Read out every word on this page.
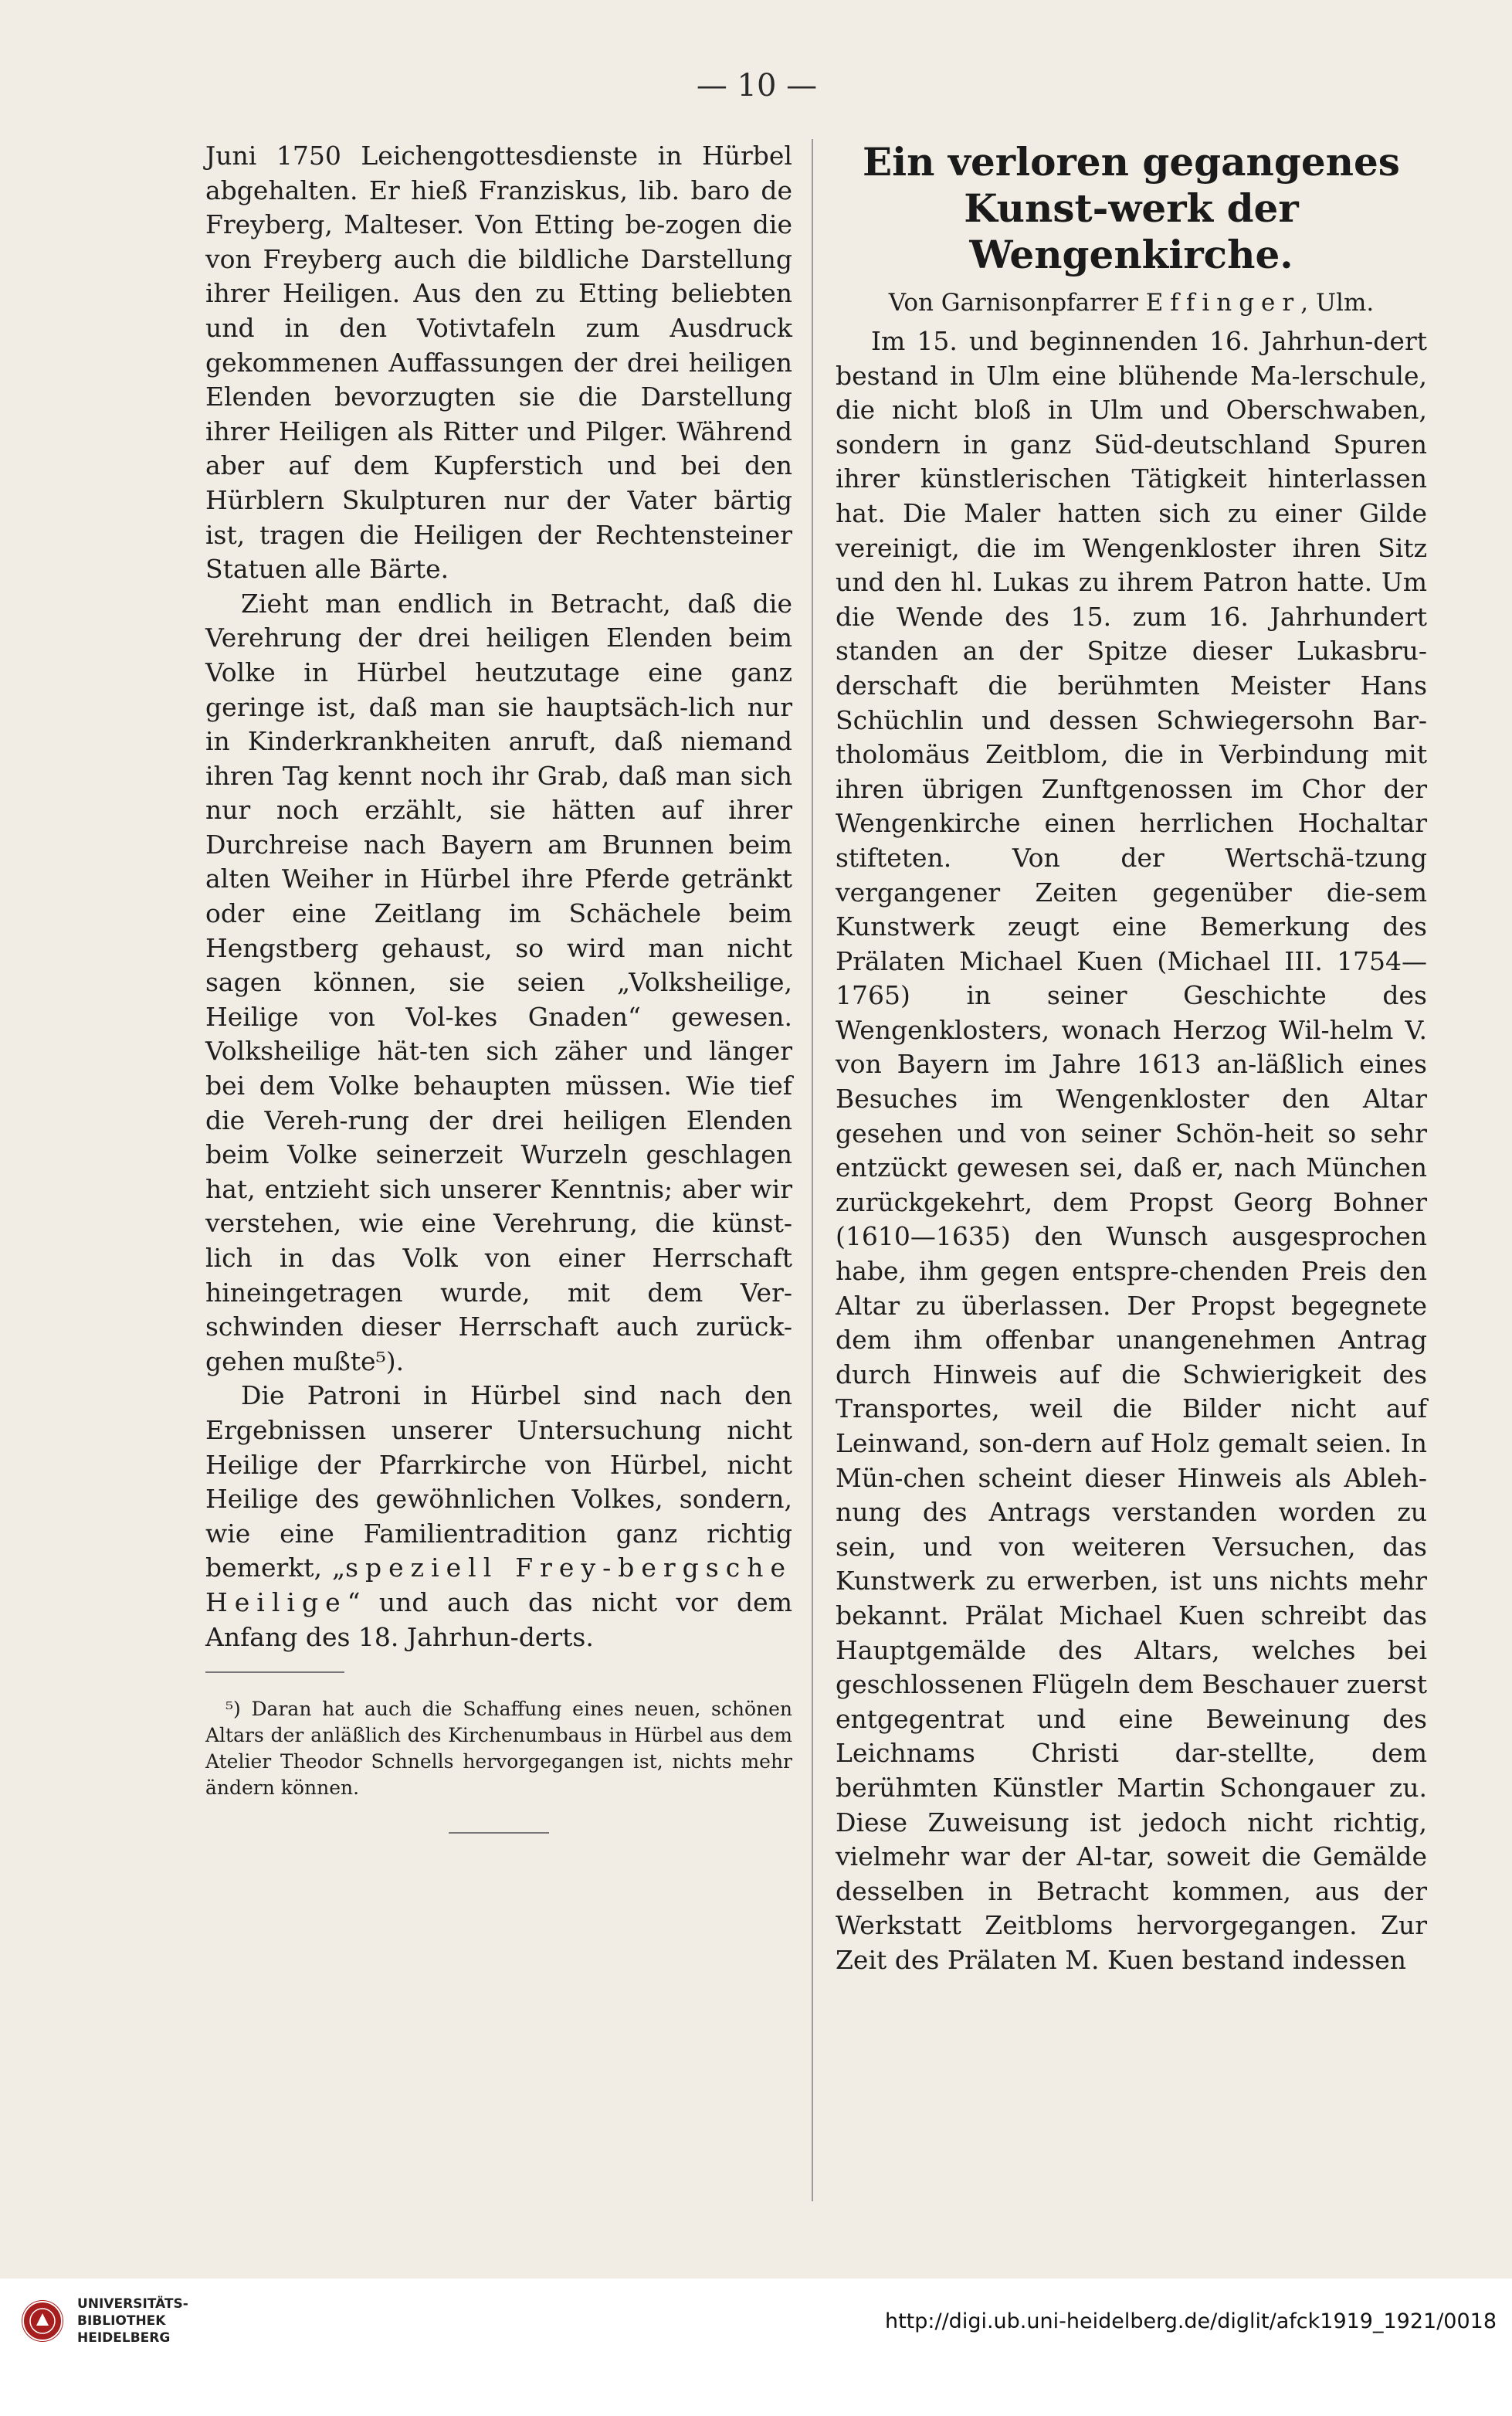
— 10 —

Juni 1750 Leichengottesdienste in Hürbel abgehalten. Er hieß Franziskus, lib. baro de Freyberg, Malteser. Von Etting be-zogen die von Freyberg auch die bildliche Darstellung ihrer Heiligen. Aus den zu Etting beliebten und in den Votivtafeln zum Ausdruck gekommenen Auffassungen der drei heiligen Elenden bevorzugten sie die Darstellung ihrer Heiligen als Ritter und Pilger. Während aber auf dem Kupferstich und bei den Hürblern Skulpturen nur der Vater bärtig ist, tragen die Heiligen der Rechtensteiner Statuen alle Bärte.

Zieht man endlich in Betracht, daß die Verehrung der drei heiligen Elenden beim Volke in Hürbel heutzutage eine ganz geringe ist, daß man sie hauptsäch-lich nur in Kinderkrankheiten anruft, daß niemand ihren Tag kennt noch ihr Grab, daß man sich nur noch erzählt, sie hätten auf ihrer Durchreise nach Bayern am Brunnen beim alten Weiher in Hürbel ihre Pferde getränkt oder eine Zeitlang im Schächele beim Hengstberg gehaust, so wird man nicht sagen können, sie seien „Volksheilige, Heilige von Vol-kes Gnaden“ gewesen. Volksheilige hät-ten sich zäher und länger bei dem Volke behaupten müssen. Wie tief die Vereh-rung der drei heiligen Elenden beim Volke seinerzeit Wurzeln geschlagen hat, entzieht sich unserer Kenntnis; aber wir verstehen, wie eine Verehrung, die künst-lich in das Volk von einer Herrschaft hineingetragen wurde, mit dem Ver-schwinden dieser Herrschaft auch zurück-gehen mußte⁵).

Die Patroni in Hürbel sind nach den Ergebnissen unserer Untersuchung nicht Heilige der Pfarrkirche von Hürbel, nicht Heilige des gewöhnlichen Volkes, sondern, wie eine Familientradition ganz richtig bemerkt, „speziell Frey-bergsche Heilige“ und auch das nicht vor dem Anfang des 18. Jahrhun-derts.

⁵) Daran hat auch die Schaffung eines neuen, schönen Altars der anläßlich des Kirchenumbaus in Hürbel aus dem Atelier Theodor Schnells hervorgegangen ist, nichts mehr ändern können.

Ein verloren gegangenes Kunst-werk der Wengenkirche.

Von Garnisonpfarrer Effinger, Ulm.

Im 15. und beginnenden 16. Jahrhun-dert bestand in Ulm eine blühende Ma-lerschule, die nicht bloß in Ulm und Oberschwaben, sondern in ganz Süd-deutschland Spuren ihrer künstlerischen Tätigkeit hinterlassen hat. Die Maler hatten sich zu einer Gilde vereinigt, die im Wengenkloster ihren Sitz und den hl. Lukas zu ihrem Patron hatte. Um die Wende des 15. zum 16. Jahrhundert standen an der Spitze dieser Lukasbru-derschaft die berühmten Meister Hans Schüchlin und dessen Schwiegersohn Bar-tholomäus Zeitblom, die in Verbindung mit ihren übrigen Zunftgenossen im Chor der Wengenkirche einen herrlichen Hochaltar stifteten. Von der Wertschä-tzung vergangener Zeiten gegenüber die-sem Kunstwerk zeugt eine Bemerkung des Prälaten Michael Kuen (Michael III. 1754—1765) in seiner Geschichte des Wengenklosters, wonach Herzog Wil-helm V. von Bayern im Jahre 1613 an-läßlich eines Besuches im Wengenkloster den Altar gesehen und von seiner Schön-heit so sehr entzückt gewesen sei, daß er, nach München zurückgekehrt, dem Propst Georg Bohner (1610—1635) den Wunsch ausgesprochen habe, ihm gegen entspre-chenden Preis den Altar zu überlassen. Der Propst begegnete dem ihm offenbar unangenehmen Antrag durch Hinweis auf die Schwierigkeit des Transportes, weil die Bilder nicht auf Leinwand, son-dern auf Holz gemalt seien. In Mün-chen scheint dieser Hinweis als Ableh-nung des Antrags verstanden worden zu sein, und von weiteren Versuchen, das Kunstwerk zu erwerben, ist uns nichts mehr bekannt. Prälat Michael Kuen schreibt das Hauptgemälde des Altars, welches bei geschlossenen Flügeln dem Beschauer zuerst entgegentrat und eine Beweinung des Leichnams Christi dar-stellte, dem berühmten Künstler Martin Schongauer zu. Diese Zuweisung ist jedoch nicht richtig, vielmehr war der Al-tar, soweit die Gemälde desselben in Betracht kommen, aus der Werkstatt Zeitbloms hervorgegangen. Zur Zeit des Prälaten M. Kuen bestand indessen

UNIVERSITÄTS-
BIBLIOTHEK
HEIDELBERG
http://digi.ub.uni-heidelberg.de/diglit/afck1919_1921/0018
